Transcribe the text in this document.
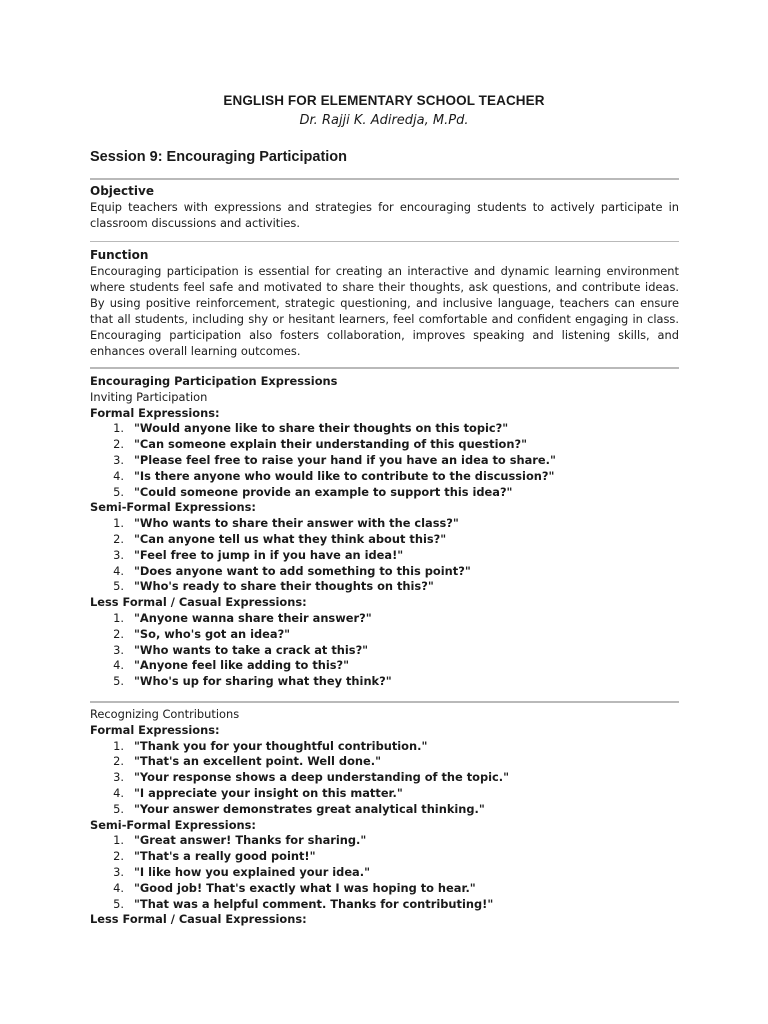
ENGLISH FOR ELEMENTARY SCHOOL TEACHER
Dr. Rajji K. Adiredja, M.Pd.
Session 9: Encouraging Participation
Objective
Equip teachers with expressions and strategies for encouraging students to actively participate in classroom discussions and activities.
Function
Encouraging participation is essential for creating an interactive and dynamic learning environment where students feel safe and motivated to share their thoughts, ask questions, and contribute ideas. By using positive reinforcement, strategic questioning, and inclusive language, teachers can ensure that all students, including shy or hesitant learners, feel comfortable and confident engaging in class. Encouraging participation also fosters collaboration, improves speaking and listening skills, and enhances overall learning outcomes.
Encouraging Participation Expressions
Inviting Participation
Formal Expressions:
1. "Would anyone like to share their thoughts on this topic?"
2. "Can someone explain their understanding of this question?"
3. "Please feel free to raise your hand if you have an idea to share."
4. "Is there anyone who would like to contribute to the discussion?"
5. "Could someone provide an example to support this idea?"
Semi-Formal Expressions:
1. "Who wants to share their answer with the class?"
2. "Can anyone tell us what they think about this?"
3. "Feel free to jump in if you have an idea!"
4. "Does anyone want to add something to this point?"
5. "Who's ready to share their thoughts on this?"
Less Formal / Casual Expressions:
1. "Anyone wanna share their answer?"
2. "So, who's got an idea?"
3. "Who wants to take a crack at this?"
4. "Anyone feel like adding to this?"
5. "Who's up for sharing what they think?"
Recognizing Contributions
Formal Expressions:
1. "Thank you for your thoughtful contribution."
2. "That's an excellent point. Well done."
3. "Your response shows a deep understanding of the topic."
4. "I appreciate your insight on this matter."
5. "Your answer demonstrates great analytical thinking."
Semi-Formal Expressions:
1. "Great answer! Thanks for sharing."
2. "That's a really good point!"
3. "I like how you explained your idea."
4. "Good job! That's exactly what I was hoping to hear."
5. "That was a helpful comment. Thanks for contributing!"
Less Formal / Casual Expressions:
